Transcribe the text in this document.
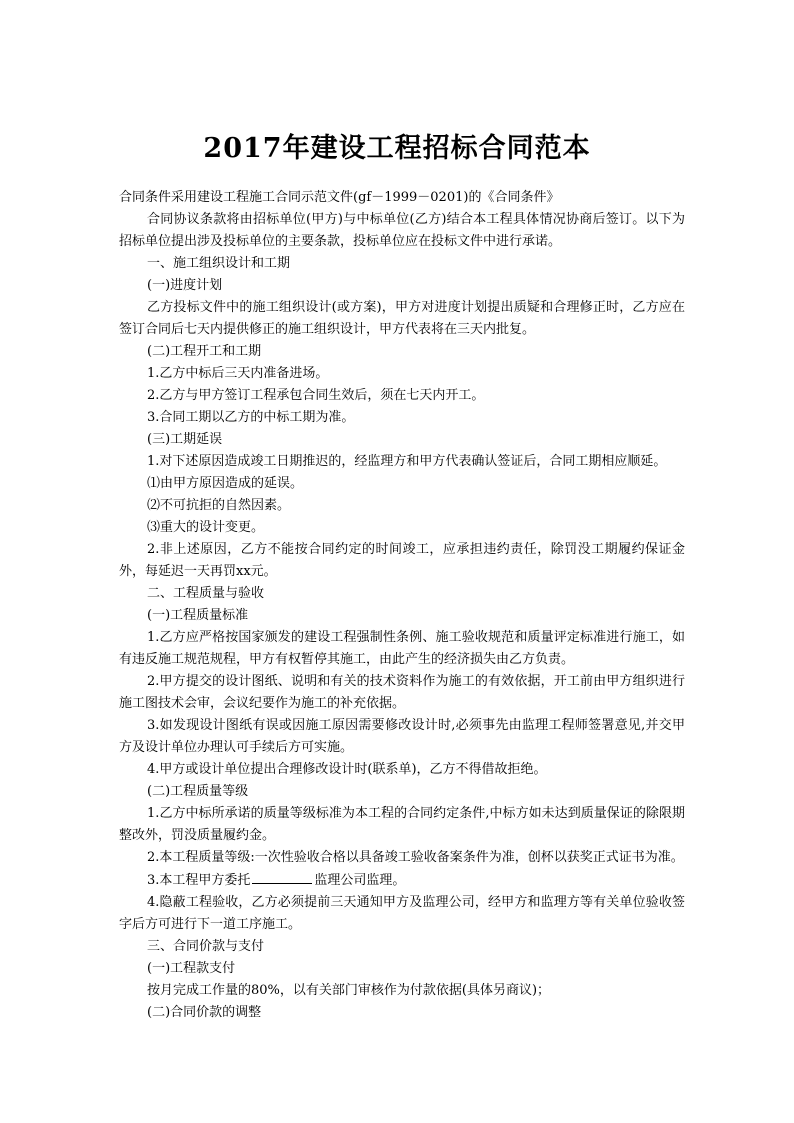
2017年建设工程招标合同范本

合同条件采用建设工程施工合同示范文件(gf－1999－0201)的《合同条件》

合同协议条款将由招标单位(甲方)与中标单位(乙方)结合本工程具体情况协商后签订。以下为招标单位提出涉及投标单位的主要条款，投标单位应在投标文件中进行承诺。

一、施工组织设计和工期

(一)进度计划

乙方投标文件中的施工组织设计(或方案)，甲方对进度计划提出质疑和合理修正时，乙方应在签订合同后七天内提供修正的施工组织设计，甲方代表将在三天内批复。

(二)工程开工和工期

1.乙方中标后三天内准备进场。

2.乙方与甲方签订工程承包合同生效后，须在七天内开工。

3.合同工期以乙方的中标工期为准。

(三)工期延误

1.对下述原因造成竣工日期推迟的，经监理方和甲方代表确认签证后，合同工期相应顺延。

⑴由甲方原因造成的延误。

⑵不可抗拒的自然因素。

⑶重大的设计变更。

2.非上述原因，乙方不能按合同约定的时间竣工，应承担违约责任，除罚没工期履约保证金外，每延迟一天再罚xx元。

二、工程质量与验收

(一)工程质量标准

1.乙方应严格按国家颁发的建设工程强制性条例、施工验收规范和质量评定标准进行施工，如有违反施工规范规程，甲方有权暂停其施工，由此产生的经济损失由乙方负责。

2.甲方提交的设计图纸、说明和有关的技术资料作为施工的有效依据，开工前由甲方组织进行施工图技术会审，会议纪要作为施工的补充依据。

3.如发现设计图纸有误或因施工原因需要修改设计时,必须事先由监理工程师签署意见,并交甲方及设计单位办理认可手续后方可实施。

4.甲方或设计单位提出合理修改设计时(联系单)，乙方不得借故拒绝。

(二)工程质量等级

1.乙方中标所承诺的质量等级标准为本工程的合同约定条件,中标方如未达到质量保证的除限期整改外，罚没质量履约金。

2.本工程质量等级:一次性验收合格以具备竣工验收备案条件为准，创杯以获奖正式证书为准。

3.本工程甲方委托	监理公司监理。

4.隐蔽工程验收，乙方必须提前三天通知甲方及监理公司，经甲方和监理方等有关单位验收签字后方可进行下一道工序施工。

三、合同价款与支付

(一)工程款支付

按月完成工作量的80%，以有关部门审核作为付款依据(具体另商议)；

(二)合同价款的调整
